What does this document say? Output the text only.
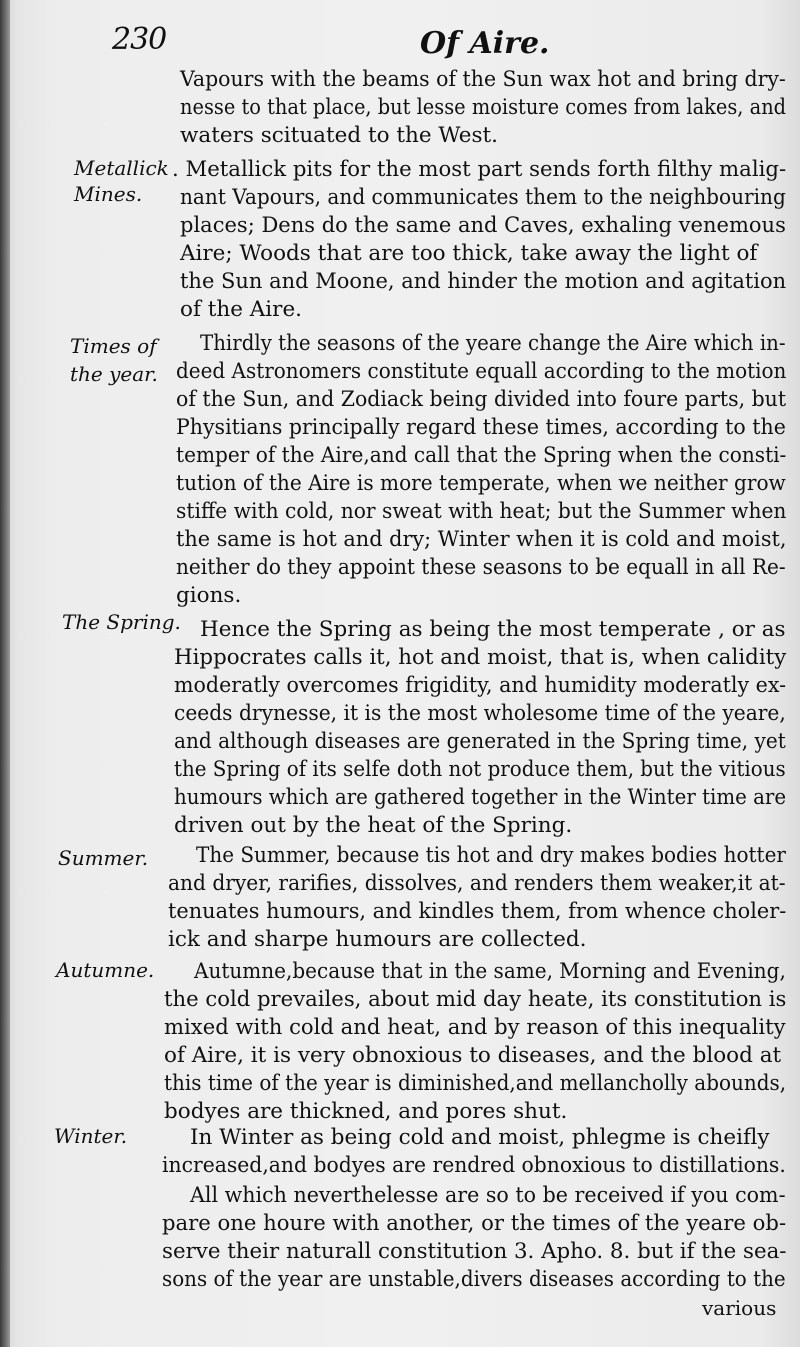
230	Of Aire.
Metallick
Mines.
Times of
the year.
The Spring.
Summer.
Autumne.
Winter.
Vapours with the beams of the Sun wax hot and bring dry-
nesse to that place, but lesse moisture comes from lakes, and
waters scituated to the West.
. Metallick pits for the most part sends forth filthy malig-
nant Vapours, and communicates them to the neighbouring
places; Dens do the same and Caves, exhaling venemous
Aire; Woods that are too thick, take away the light of
the Sun and Moone, and hinder the motion and agitation
of the Aire.
Thirdly the seasons of the yeare change the Aire which in-
deed Astronomers constitute equall according to the motion
of the Sun, and Zodiack being divided into foure parts, but
Physitians principally regard these times, according to the
temper of the Aire,and call that the Spring when the consti-
tution of the Aire is more temperate, when we neither grow
stiffe with cold, nor sweat with heat; but the Summer when
the same is hot and dry; Winter when it is cold and moist,
neither do they appoint these seasons to be equall in all Re-
gions.
Hence the Spring as being the most temperate , or as
Hippocrates calls it, hot and moist, that is, when calidity
moderatly overcomes frigidity, and humidity moderatly ex-
ceeds drynesse, it is the most wholesome time of the yeare,
and although diseases are generated in the Spring time, yet
the Spring of its selfe doth not produce them, but the vitious
humours which are gathered together in the Winter time are
driven out by the heat of the Spring.
The Summer, because tis hot and dry makes bodies hotter
and dryer, rarifies, dissolves, and renders them weaker,it at-
tenuates humours, and kindles them, from whence choler-
ick and sharpe humours are collected.
Autumne,because that in the same, Morning and Evening,
the cold prevailes, about mid day heate, its constitution is
mixed with cold and heat, and by reason of this inequality
of Aire, it is very obnoxious to diseases, and the blood at
this time of the year is diminished,and mellancholly abounds,
bodyes are thickned, and pores shut.
In Winter as being cold and moist, phlegme is cheifly
increased,and bodyes are rendred obnoxious to distillations.
All which neverthelesse are so to be received if you com-
pare one houre with another, or the times of the yeare ob-
serve their naturall constitution 3. Apho. 8. but if the sea-
sons of the year are unstable,divers diseases according to the
various
